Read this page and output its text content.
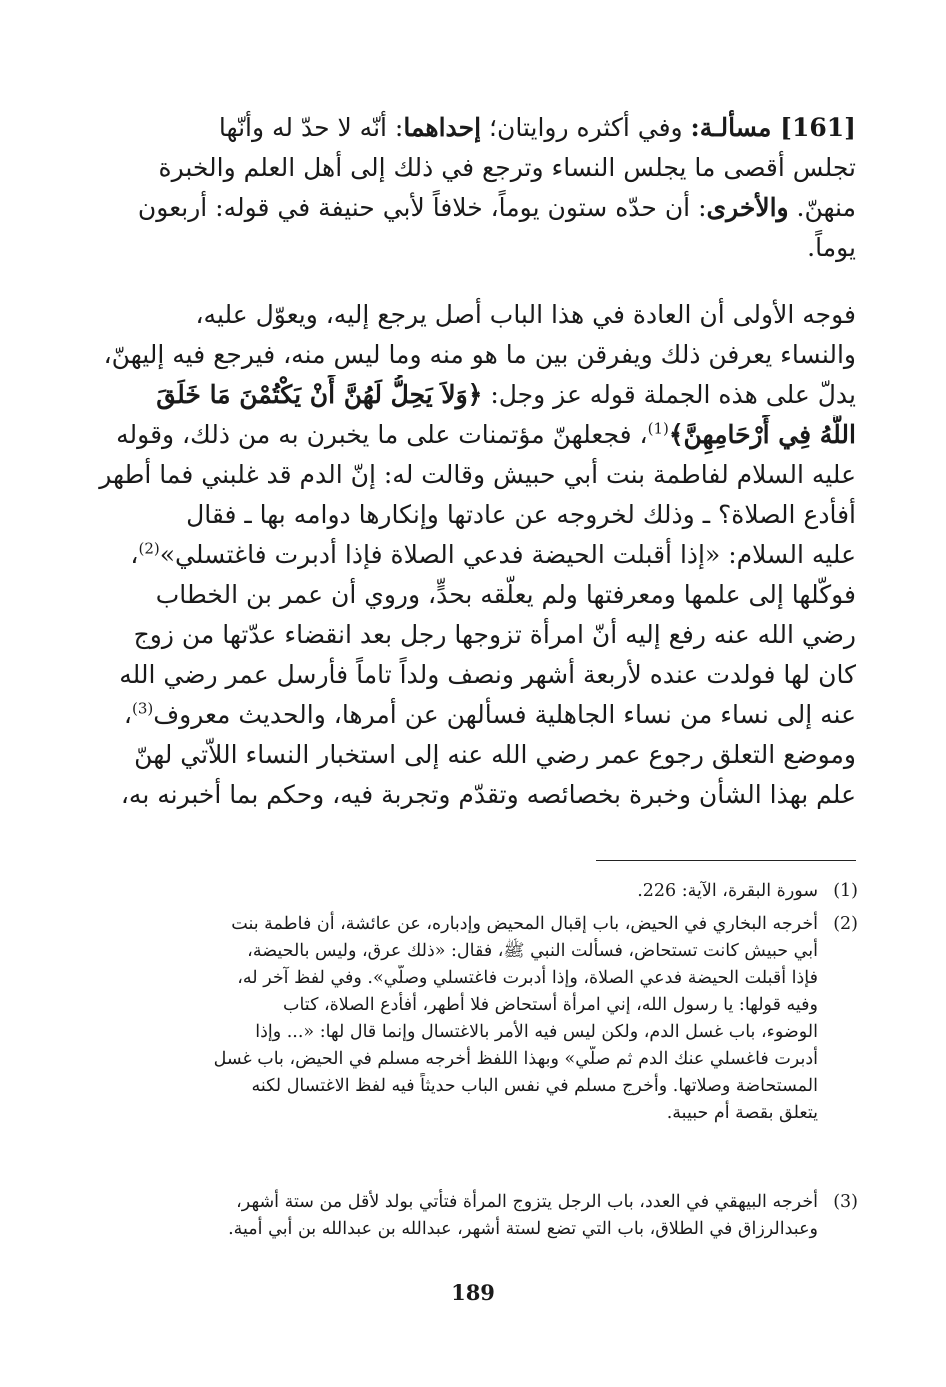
[161] مسألـة: وفي أكثره روايتان؛ إحداهما: أنّه لا حدّ له وأنّها
تجلس أقصى ما يجلس النساء وترجع في ذلك إلى أهل العلم والخبرة
منهنّ. والأخرى: أن حدّه ستون يوماً، خلافاً لأبي حنيفة في قوله: أربعون
يوماً.
فوجه الأولى أن العادة في هذا الباب أصل يرجع إليه، ويعوّل عليه،
والنساء يعرفن ذلك ويفرقن بين ما هو منه وما ليس منه، فيرجع فيه إليهنّ،
يدلّ على هذه الجملة قوله عز وجل: ﴿وَلاَ يَحِلُّ لَهُنَّ أَنْ يَكْتُمْنَ مَا خَلَقَ
اللَّهُ فِي أَرْحَامِهِنَّ﴾$^{(1)}$، فجعلهنّ مؤتمنات على ما يخبرن به من ذلك، وقوله
عليه السلام لفاطمة بنت أبي حبيش وقالت له: إنّ الدم قد غلبني فما أطهر
أفأدع الصلاة؟ ـ وذلك لخروجه عن عادتها وإنكارها دوامه بها ـ فقال
عليه السلام: «إذا أقبلت الحيضة فدعي الصلاة فإذا أدبرت فاغتسلي»$^{(2)}$،
فوكّلها إلى علمها ومعرفتها ولم يعلّقه بحدٍّ، وروي أن عمر بن الخطاب
رضي الله عنه رفع إليه أنّ امرأة تزوجها رجل بعد انقضاء عدّتها من زوج
كان لها فولدت عنده لأربعة أشهر ونصف ولداً تاماً فأرسل عمر رضي الله
عنه إلى نساء من نساء الجاهلية فسألهن عن أمرها، والحديث معروف$^{(3)}$،
وموضع التعلق رجوع عمر رضي الله عنه إلى استخبار النساء اللاّتي لهنّ
علم بهذا الشأن وخبرة بخصائصه وتقدّم وتجربة فيه، وحكم بما أخبرنه به،
(1)
سورة البقرة، الآية: 226.
(2)
أخرجه البخاري في الحيض، باب إقبال المحيض وإدباره، عن عائشة، أن فاطمة بنت
أبي حبيش كانت تستحاض، فسألت النبي ﷺ، فقال: «ذلك عرق، وليس بالحيضة،
فإذا أقبلت الحيضة فدعي الصلاة، وإذا أدبرت فاغتسلي وصلّي». وفي لفظ آخر له،
وفيه قولها: يا رسول الله، إني امرأة أستحاض فلا أطهر، أفأدع الصلاة، كتاب
الوضوء، باب غسل الدم، ولكن ليس فيه الأمر بالاغتسال وإنما قال لها: «... وإذا
أدبرت فاغسلي عنك الدم ثم صلّي» وبهذا اللفظ أخرجه مسلم في الحيض، باب غسل
المستحاضة وصلاتها. وأخرج مسلم في نفس الباب حديثاً فيه لفظ الاغتسال لكنه
يتعلق بقصة أم حبيبة.
(3)
أخرجه البيهقي في العدد، باب الرجل يتزوج المرأة فتأتي بولد لأقل من ستة أشهر،
وعبدالرزاق في الطلاق، باب التي تضع لستة أشهر، عبدالله بن عبدالله بن أبي أمية.
189
